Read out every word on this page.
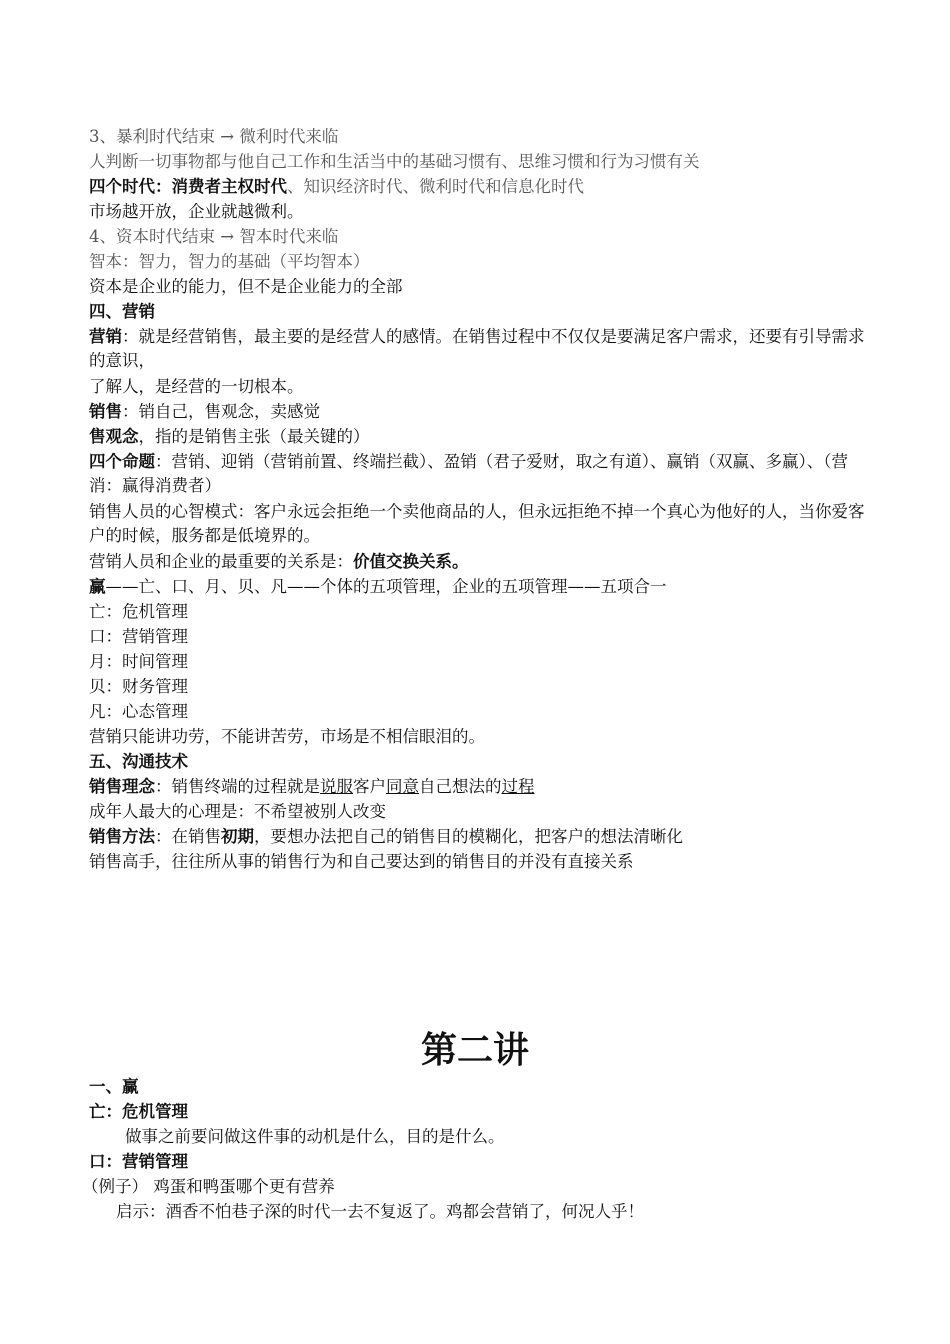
3、暴利时代结束 → 微利时代来临
人判断一切事物都与他自己工作和生活当中的基础习惯有、思维习惯和行为习惯有关
四个时代：消费者主权时代、知识经济时代、微利时代和信息化时代
市场越开放，企业就越微利。
4、资本时代结束 → 智本时代来临
智本：智力，智力的基础（平均智本）
资本是企业的能力，但不是企业能力的全部
四、营销
营销：就是经营销售，最主要的是经营人的感情。在销售过程中不仅仅是要满足客户需求，还要有引导需求的意识，
了解人，是经营的一切根本。
销售：销自己，售观念，卖感觉
售观念，指的是销售主张（最关键的）
四个命题：营销、迎销（营销前置、终端拦截）、盈销（君子爱财，取之有道）、赢销（双赢、多赢）、（营消：赢得消费者）
销售人员的心智模式：客户永远会拒绝一个卖他商品的人，但永远拒绝不掉一个真心为他好的人，当你爱客户的时候，服务都是低境界的。
营销人员和企业的最重要的关系是：价值交换关系。
赢——亡、口、月、贝、凡——个体的五项管理，企业的五项管理——五项合一
亡：危机管理
口：营销管理
月：时间管理
贝：财务管理
凡：心态管理
营销只能讲功劳，不能讲苦劳，市场是不相信眼泪的。
五、沟通技术
销售理念：销售终端的过程就是说服客户同意自己想法的过程
成年人最大的心理是：不希望被别人改变
销售方法：在销售初期，要想办法把自己的销售目的模糊化，把客户的想法清晰化
销售高手，往往所从事的销售行为和自己要达到的销售目的并没有直接关系
第二讲
一、赢
亡：危机管理
做事之前要问做这件事的动机是什么，目的是什么。
口：营销管理
（例子） 鸡蛋和鸭蛋哪个更有营养
启示：酒香不怕巷子深的时代一去不复返了。鸡都会营销了，何况人乎！
